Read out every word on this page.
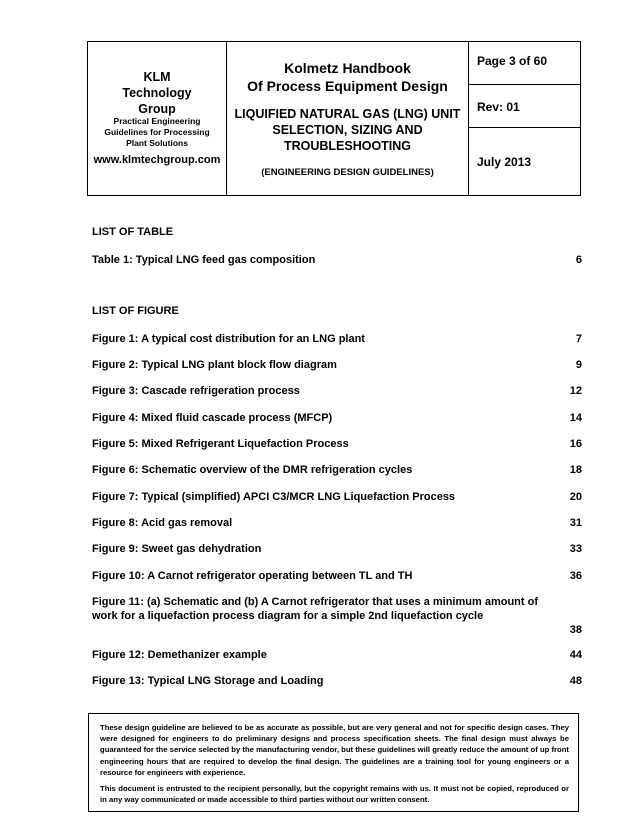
KLM Technology Group
Practical Engineering Guidelines for Processing Plant Solutions
www.klmtechgroup.com
Kolmetz Handbook
Of Process Equipment Design
LIQUIFIED NATURAL GAS (LNG) UNIT SELECTION, SIZING AND TROUBLESHOOTING
(ENGINEERING DESIGN GUIDELINES)
Page 3 of 60
Rev: 01
July 2013
LIST OF TABLE
Table 1: Typical LNG feed gas composition	6
LIST OF FIGURE
Figure 1: A typical cost distribution for an LNG plant	7
Figure 2: Typical LNG plant block flow diagram	9
Figure 3: Cascade refrigeration process	12
Figure 4: Mixed fluid cascade process (MFCP)	14
Figure 5: Mixed Refrigerant Liquefaction Process	16
Figure 6: Schematic overview of the DMR refrigeration cycles	18
Figure 7: Typical (simplified) APCI C3/MCR LNG Liquefaction Process	20
Figure 8: Acid gas removal	31
Figure 9: Sweet gas dehydration	33
Figure 10: A Carnot refrigerator operating between TL and TH	36
Figure 11: (a) Schematic and (b) A Carnot refrigerator that uses a minimum amount of work for a liquefaction process diagram for a simple 2nd liquefaction cycle
38
Figure 12: Demethanizer example	44
Figure 13: Typical LNG Storage and Loading	48

These design guideline are believed to be as accurate as possible, but are very general and not for specific design cases. They were designed for engineers to do preliminary designs and process specification sheets. The final design must always be guaranteed for the service selected by the manufacturing vendor, but these guidelines will greatly reduce the amount of up front engineering hours that are required to develop the final design. The guidelines are a training tool for young engineers or a resource for engineers with experience.

This document is entrusted to the recipient personally, but the copyright remains with us. It must not be copied, reproduced or in any way communicated or made accessible to third parties without our written consent.
